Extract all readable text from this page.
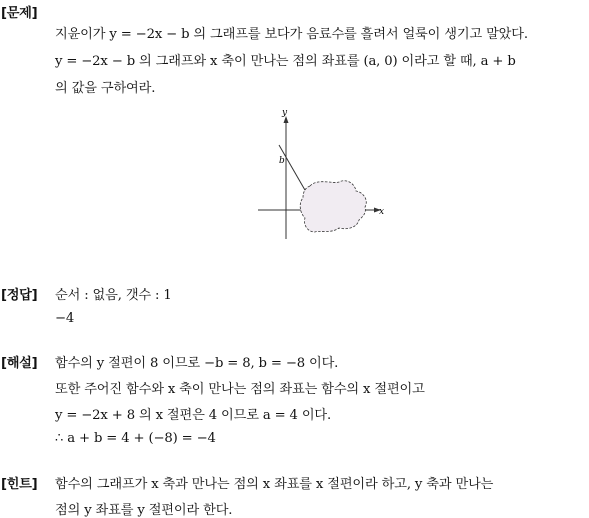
[문제]
지윤이가 y = −2x − b 의 그래프를 보다가 음료수를 흘려서 얼룩이 생기고 말았다.
y = −2x − b 의 그래프와 x 축이 만나는 점의 좌표를 (a, 0) 이라고 할 때, a + b
의 값을 구하여라.
y
x
b
[정답] 순서 : 없음, 갯수 : 1
−4
[해설] 함수의 y 절편이 8 이므로 −b = 8, b = −8 이다.
또한 주어진 함수와 x 축이 만나는 점의 좌표는 함수의 x 절편이고
y = −2x + 8 의 x 절편은 4 이므로 a = 4 이다.
∴ a + b = 4 + (−8) = −4
[힌트] 함수의 그래프가 x 축과 만나는 점의 x 좌표를 x 절편이라 하고, y 축과 만나는
점의 y 좌표를 y 절편이라 한다.
